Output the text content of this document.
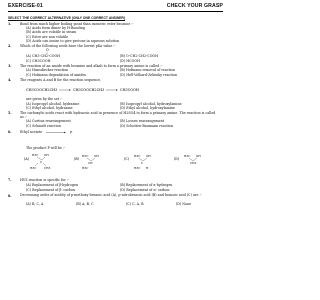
EXERCISE-01	CHECK YOUR GRASP
SELECT THE CORRECT ALTERNATIVE (ONLY ONE CORRECT ANSWER)
1.	Bond from much higher boiling point than isomeric ester because :-
(A) Acids form dimer by H-Bonding
(B) Acids are volatile in steam
(C) Ester are non volatile
(D) Acids can ionise to give protons in aqueous solution
2.	Which of the following acids have the lowest pKa value :-
O
(A) CH3-CH2-COOH	(B) O-CH2-CH2-COOH
(C) CH3COOH	(D) HCOOH
3.	The reaction of an amide with bromine and alkali to form a primary amine is called :-
(A) Hunsdiecker reaction	(B) Hofmann removal of reaction
(C) Hofmann degradation of amides	(D) Hell-Volhard-Zelinsky reaction
4.	The reagents A and B for the reaction sequence,
CH3COOCH2CH3	CH3COOCH2CH3	CH3COOH
are given by the set :-
(A) Isopropyl alcohol, hydrazine	(B) Isopropyl alcohol, hydroxylamine
(C) Ethyl alcohol, hydrazine	(D) Ethyl alcohol, hydroxylamine
5.	The carboxylic acids react with hydrazoic acid in presence of H2SO4 to form a primary amine. The reaction is called as :-
(A) Curtius rearrangement	(B) Lossen rearrangement
(C) Schmidt reaction	(D) Schotten-Baumann reaction
6.	Ethyl acetate	P
The product P will be :-
(A)
H3C OH
C
H3C	CH3
(B)
H3C OH
CH
H3C
(C)
H3C OH
C
H3C H
(D)
H3C OH
CH2
7.	HVZ reaction is specific for :-
(A) Replacement of β-hydrogen	(B) Replacement of α-hydrogen
(C) Replacement of β- carbon	(D) Replacement of α- carbon
8.	Decreasing order of acidity of p-methoxy benzoic acid (A), p-nitrobenzoic acid (B) and benzoic acid (C) are :-
(A) B, C, A	(B) A, B, C	(C) C, A, B	(D) None
